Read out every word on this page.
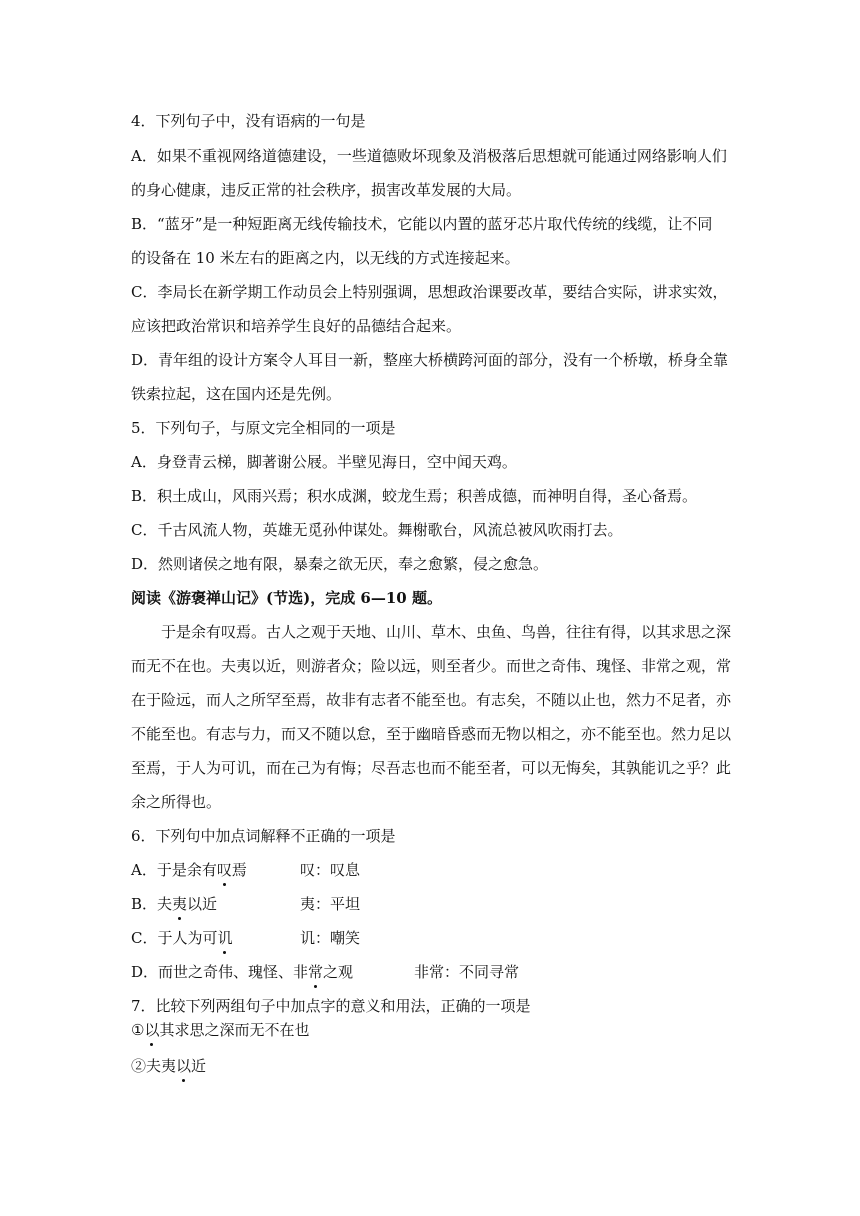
4．下列句子中，没有语病的一句是
A．如果不重视网络道德建设，一些道德败坏现象及消极落后思想就可能通过网络影响人们
的身心健康，违反正常的社会秩序，损害改革发展的大局。
B．“蓝牙”是一种短距离无线传输技术，它能以内置的蓝牙芯片取代传统的线缆，让不同
的设备在 10 米左右的距离之内，以无线的方式连接起来。
C．李局长在新学期工作动员会上特别强调，思想政治课要改革，要结合实际，讲求实效，
应该把政治常识和培养学生良好的品德结合起来。
D．青年组的设计方案令人耳目一新，整座大桥横跨河面的部分，没有一个桥墩，桥身全靠
铁索拉起，这在国内还是先例。
5．下列句子，与原文完全相同的一项是
A．身登青云梯，脚著谢公屐。半壁见海日，空中闻天鸡。
B．积土成山，风雨兴焉；积水成渊，蛟龙生焉；积善成德，而神明自得，圣心备焉。
C．千古风流人物，英雄无觅孙仲谋处。舞榭歌台，风流总被风吹雨打去。
D．然则诸侯之地有限，暴秦之欲无厌，奉之愈繁，侵之愈急。
阅读《游褒禅山记》(节选)，完成 6—10 题。
于是余有叹焉。古人之观于天地、山川、草木、虫鱼、鸟兽，往往有得，以其求思之深
而无不在也。夫夷以近，则游者众；险以远，则至者少。而世之奇伟、瑰怪、非常之观，常
在于险远，而人之所罕至焉，故非有志者不能至也。有志矣，不随以止也，然力不足者，亦
不能至也。有志与力，而又不随以怠，至于幽暗昏惑而无物以相之，亦不能至也。然力足以
至焉，于人为可讥，而在己为有悔；尽吾志也而不能至者，可以无悔矣，其孰能讥之乎？此
余之所得也。
6．下列句中加点词解释不正确的一项是
A．于是余有叹焉	叹：叹息
B．夫夷以近	夷：平坦
C．于人为可讥	讥：嘲笑
D．而世之奇伟、瑰怪、非常之观	非常：不同寻常
7．比较下列两组句子中加点字的意义和用法，正确的一项是
①以其求思之深而无不在也
②夫夷以近
